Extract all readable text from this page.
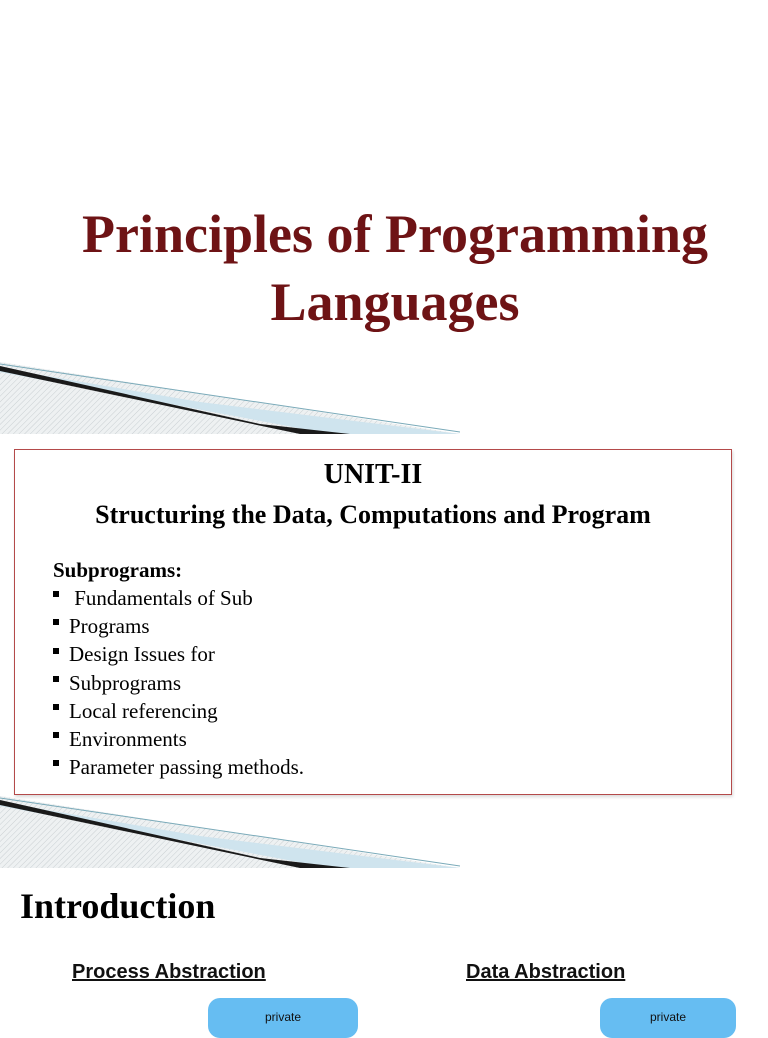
Principles of Programming
Languages
UNIT-II
Structuring the Data, Computations and Program
Subprograms:
Fundamentals of Sub
Programs
Design Issues for
Subprograms
Local referencing
Environments
Parameter passing methods.
Introduction
Process Abstraction
private
Data Abstraction
private
